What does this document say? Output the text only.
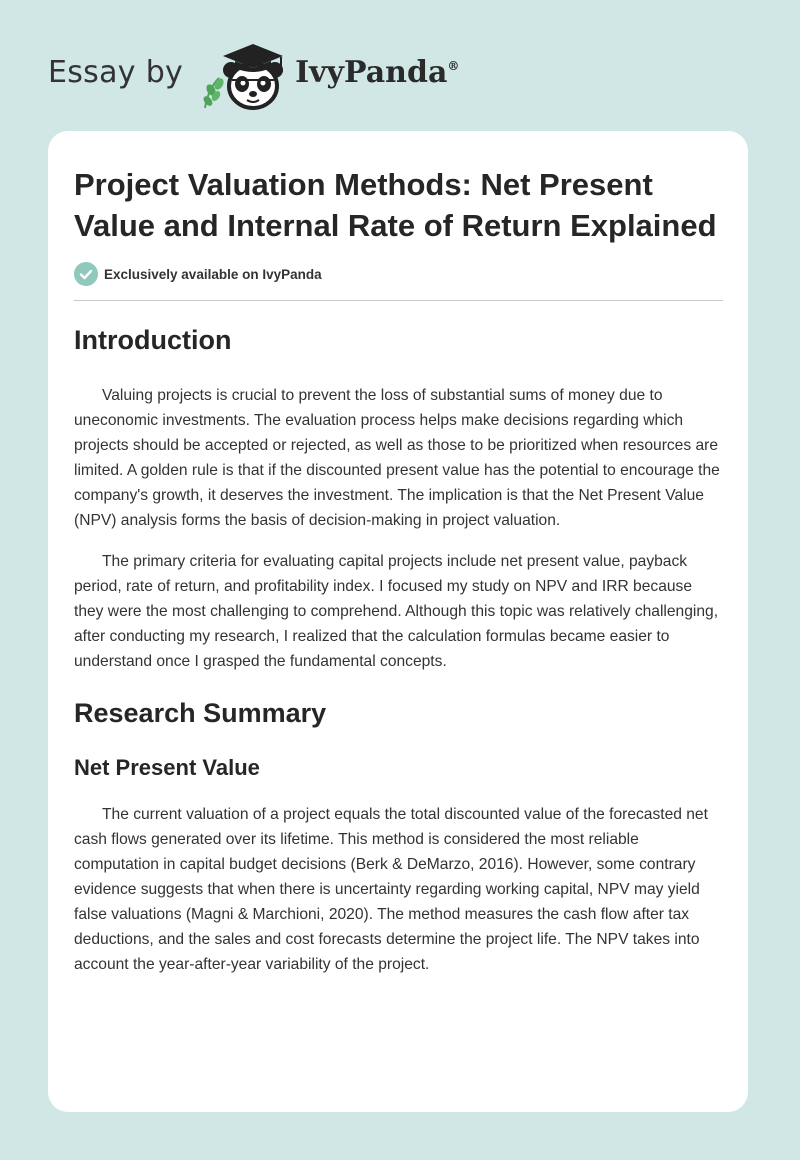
Essay by	IvyPanda®
Project Valuation Methods: Net Present Value and Internal Rate of Return Explained
Exclusively available on IvyPanda
Introduction

Valuing projects is crucial to prevent the loss of substantial sums of money due to uneconomic investments. The evaluation process helps make decisions regarding which projects should be accepted or rejected, as well as those to be prioritized when resources are limited. A golden rule is that if the discounted present value has the potential to encourage the company's growth, it deserves the investment. The implication is that the Net Present Value (NPV) analysis forms the basis of decision-making in project valuation.

The primary criteria for evaluating capital projects include net present value, payback period, rate of return, and profitability index. I focused my study on NPV and IRR because they were the most challenging to comprehend. Although this topic was relatively challenging, after conducting my research, I realized that the calculation formulas became easier to understand once I grasped the fundamental concepts.

Research Summary
Net Present Value

The current valuation of a project equals the total discounted value of the forecasted net cash flows generated over its lifetime. This method is considered the most reliable computation in capital budget decisions (Berk & DeMarzo, 2016). However, some contrary evidence suggests that when there is uncertainty regarding working capital, NPV may yield false valuations (Magni & Marchioni, 2020). The method measures the cash flow after tax deductions, and the sales and cost forecasts determine the project life. The NPV takes into account the year-after-year variability of the project.
